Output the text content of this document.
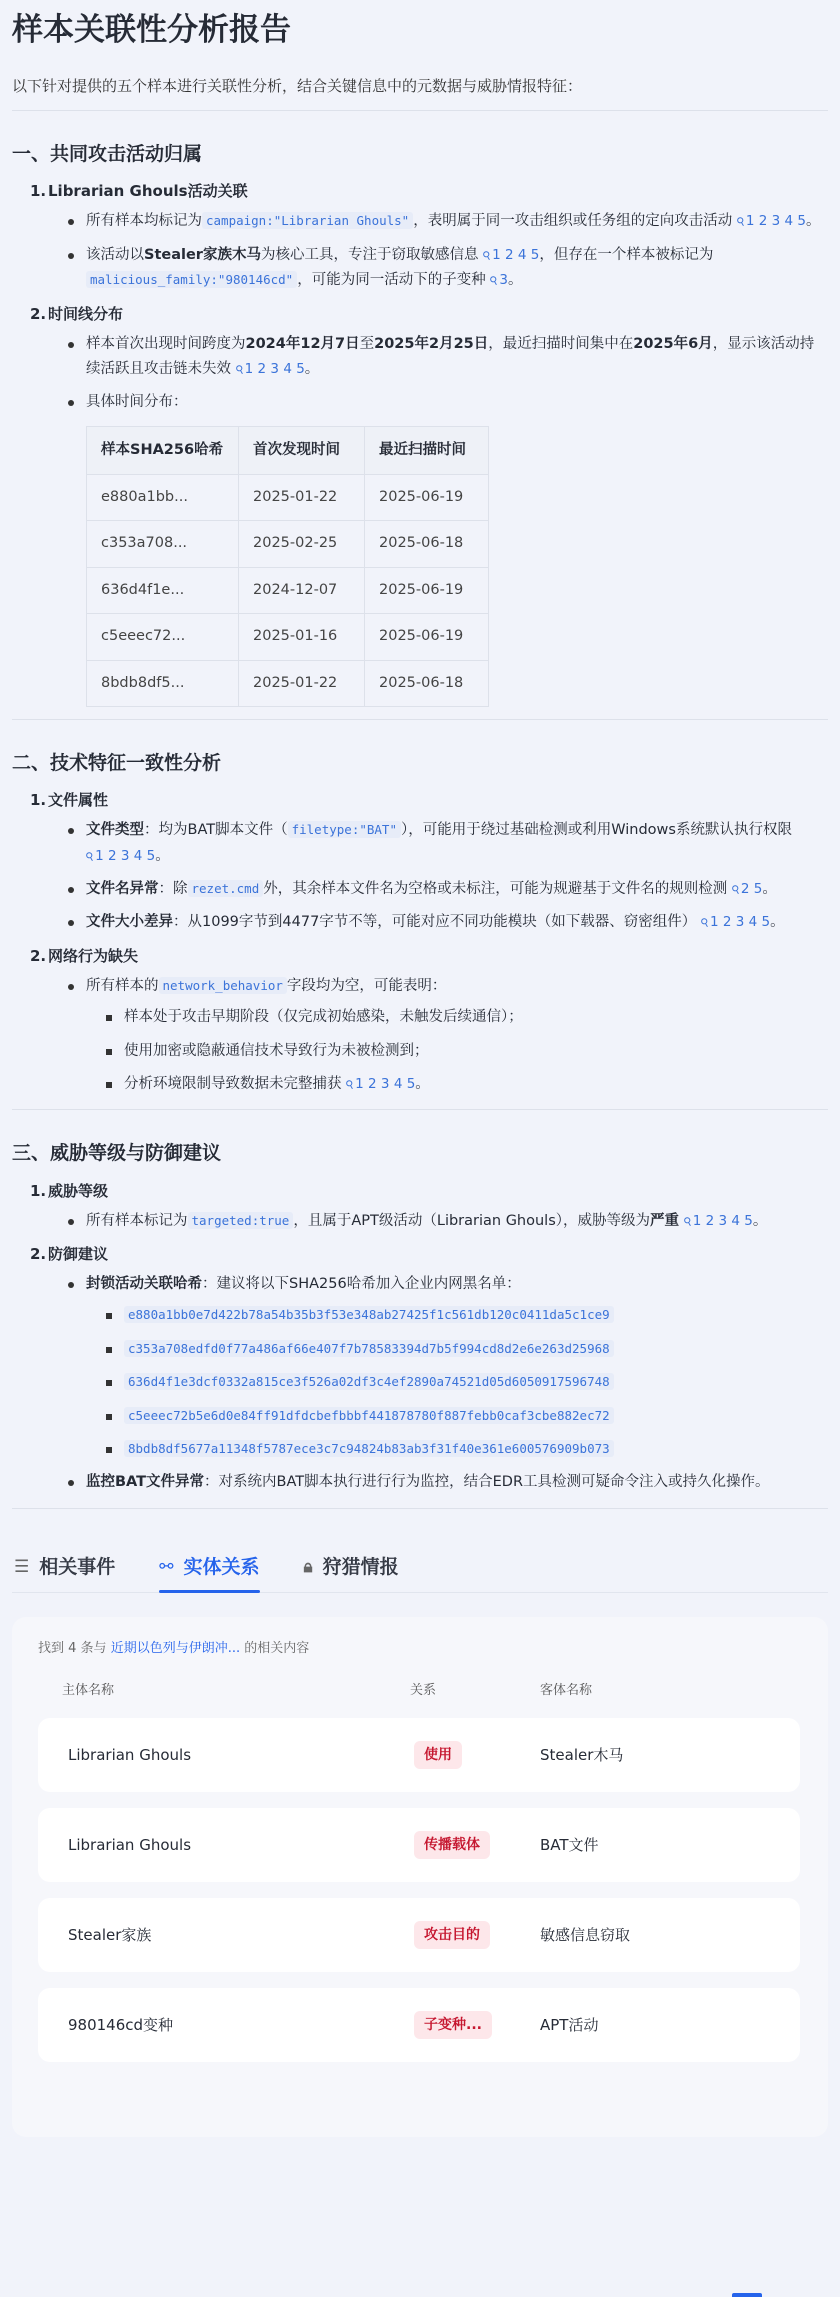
样本关联性分析报告

以下针对提供的五个样本进行关联性分析，结合关键信息中的元数据与威胁情报特征：

一、共同攻击活动归属
1. Librarian Ghouls活动关联
所有样本均标记为 campaign:"Librarian Ghouls" ，表明属于同一攻击组织或任务组的定向攻击活动 ⚲1 2 3 4 5。
该活动以Stealer家族木马为核心工具，专注于窃取敏感信息 ⚲1 2 4 5，但存在一个样本被标记为malicious_family:"980146cd" ，可能为同一活动下的子变种 ⚲3。
2. 时间线分布
样本首次出现时间跨度为2024年12月7日至2025年2月25日，最近扫描时间集中在2025年6月，显示该活动持续活跃且攻击链未失效 ⚲1 2 3 4 5。
具体时间分布：
样本SHA256哈希	首次发现时间	最近扫描时间
e880a1bb...	2025-01-22	2025-06-19
c353a708...	2025-02-25	2025-06-18
636d4f1e...	2024-12-07	2025-06-19
c5eeec72...	2025-01-16	2025-06-19
8bdb8df5...	2025-01-22	2025-06-18
二、技术特征一致性分析
1. 文件属性
文件类型：均为BAT脚本文件（ filetype:"BAT" ），可能用于绕过基础检测或利用Windows系统默认执行权限 ⚲1 2 3 4 5。
文件名异常：除 rezet.cmd 外，其余样本文件名为空格或未标注，可能为规避基于文件名的规则检测 ⚲2 5。
文件大小差异：从1099字节到4477字节不等，可能对应不同功能模块（如下载器、窃密组件） ⚲1 2 3 4 5。
2. 网络行为缺失
所有样本的 network_behavior 字段均为空，可能表明：
样本处于攻击早期阶段（仅完成初始感染，未触发后续通信）；
使用加密或隐蔽通信技术导致行为未被检测到；
分析环境限制导致数据未完整捕获 ⚲1 2 3 4 5。
三、威胁等级与防御建议
1. 威胁等级
所有样本标记为 targeted:true ，且属于APT级活动（Librarian Ghouls），威胁等级为严重 ⚲1 2 3 4 5。
2. 防御建议
封锁活动关联哈希：建议将以下SHA256哈希加入企业内网黑名单：
e880a1bb0e7d422b78a54b35b3f53e348ab27425f1c561db120c0411da5c1ce9
c353a708edfd0f77a486af66e407f7b78583394d7b5f994cd8d2e6e263d25968
636d4f1e3dcf0332a815ce3f526a02df3c4ef2890a74521d05d6050917596748
c5eeec72b5e6d0e84ff91dfdcbefbbbf441878780f887febb0caf3cbe882ec72
8bdb8df5677a11348f5787ece3c7c94824b83ab3f31f40e361e600576909b073
监控BAT文件异常：对系统内BAT脚本执行进行行为监控，结合EDR工具检测可疑命令注入或持久化操作。
☰ 相关事件	⚯ 实体关系	🔒︎ 狩猎情报
找到 4 条与 近期以色列与伊朗冲... 的相关内容
主体名称	关系	客体名称
Librarian Ghouls	使用	Stealer木马
Librarian Ghouls	传播载体	BAT文件
Stealer家族	攻击目的	敏感信息窃取
980146cd变种	子变种...	APT活动
